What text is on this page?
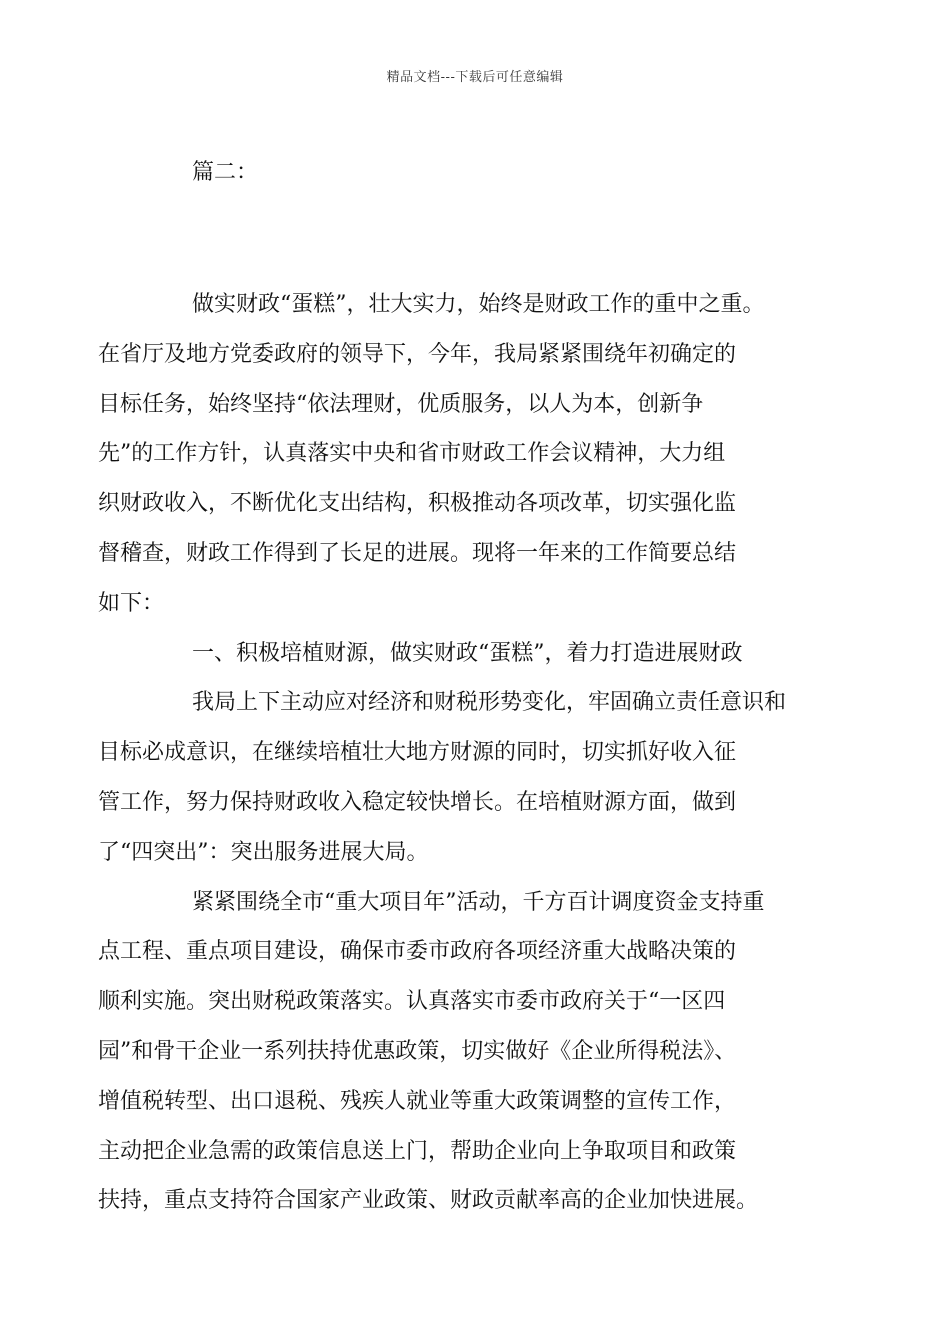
精品文档---下载后可任意编辑
篇二：

做实财政“蛋糕”，壮大实力，始终是财政工作的重中之重。
在省厅及地方党委政府的领导下，今年，我局紧紧围绕年初确定的
目标任务，始终坚持“依法理财，优质服务，以人为本，创新争
先”的工作方针，认真落实中央和省市财政工作会议精神，大力组
织财政收入，不断优化支出结构，积极推动各项改革，切实强化监
督稽查，财政工作得到了长足的进展。现将一年来的工作简要总结
如下：

一、积极培植财源，做实财政“蛋糕”，着力打造进展财政

我局上下主动应对经济和财税形势变化，牢固确立责任意识和
目标必成意识，在继续培植壮大地方财源的同时，切实抓好收入征
管工作，努力保持财政收入稳定较快增长。在培植财源方面，做到
了“四突出”：突出服务进展大局。

紧紧围绕全市“重大项目年”活动，千方百计调度资金支持重
点工程、重点项目建设，确保市委市政府各项经济重大战略决策的
顺利实施。突出财税政策落实。认真落实市委市政府关于“一区四
园”和骨干企业一系列扶持优惠政策，切实做好《企业所得税法》、
增值税转型、出口退税、残疾人就业等重大政策调整的宣传工作，
主动把企业急需的政策信息送上门，帮助企业向上争取项目和政策
扶持，重点支持符合国家产业政策、财政贡献率高的企业加快进展。
